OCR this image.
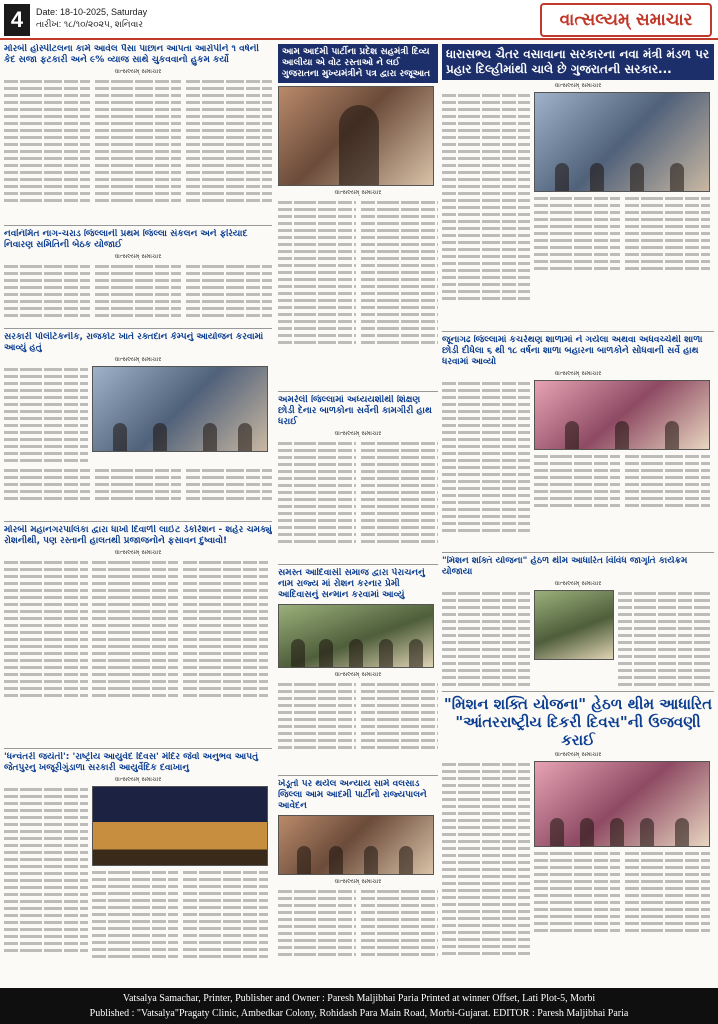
4	Date: 18-10-2025, Saturday
તારીખ: ૧૮/૧૦/૨૦૨૫, શનિવાર	વાત્સલ્યમ્ સમાચાર
મોરબી હોસ્પીટલના કામે આવેલ પૈસા પાછાન આપતા આરોપીને ૧ વર્ષની કેદ સજા ફટકારી અને ૯% વ્યાજ સાથે ચુકવવાનો હુકમ કર્યો
વાત્સલ્યમ્ સમાચાર
નવનિર્મિત નાગ-ચરાડ જિલ્લાની પ્રથમ જિલ્લા સંકલન અને ફરિયાદ નિવારણ સમિતિની બેઠક યોજાઈ
વાત્સલ્યમ્ સમાચાર
સરકારી પોલીટેકનીક, રાજકોટ ખાતે રક્તદાન કેમ્પનું આયોજન કરવામાં આવ્યું હતું
વાત્સલ્યમ્ સમાચાર
મોરબી મહાનગરપાલિકા દ્વારા ધાખો દિવાળી લાઈટ ડેકોરેશન - શહેર ચમક્યું રોશનીથી, પણ રસ્તાની હાલતથી પ્રજાજનોને ફસાવન દુષ્વાવો!
વાત્સલ્યમ્ સમાચાર
'ધન્વંતરી જયંતી': 'રાષ્ટ્રીય આયુર્વેદ દિવસ' મંદિર જેવો અનુભવ આપતું જેતપુરનુ ખજૂરીગુંડાળા સરકારી આયુર્વેદિક દવાખાનુ
વાત્સલ્યમ્ સમાચાર
આમ આદમી પાર્ટીના પ્રદેશ સહમંત્રી દિવ્ય આલીયા એ વોટ રસ્તાઓ ને લઈ ગુજરાતના મુખ્યમંત્રીને પત્ર દ્વારા રજૂઆત
વાત્સલ્યમ્ સમાચાર
અમરેલી જિલ્લામાં અધ્યયશીથી શિક્ષણ છોડી દેનાર બાળકોના સર્વેની કામગીરી હાથ ધરાઈ
વાત્સલ્યમ્ સમાચાર
સમસ્ત આદિવાસી સમાજ દ્વારા પેરાચનનું નામ રાજ્ય માં રોશન કરનાર પ્રેમી આદિવાસનું સન્માન કરવામાં આવ્યું
વાત્સલ્યમ્ સમાચાર
ખેડૂતો પર થયેલ અન્યાય સામે વલસાડ જિલ્લા આમ આદમી પાર્ટીનો રાજ્યપાલને આવેદન
વાત્સલ્યમ્ સમાચાર
ધારાસભ્ય ચૈતર વસાવાના સરકારના નવા મંત્રી મંડળ પર પ્રહાર દિલ્હીમાંથી ચાલે છે ગુજરાતની સરકાર...
વાત્સલ્યમ્ સમાચાર
જૂનાગઢ જિલ્લામાં કચરેથણ શાળામાં ને ગયેલા અથવા અધવચ્ચેથી શાળા છોડી દીધેલા ૬ થી ૧૮ વર્ષના શાળા બહારના બાળકોને સોધવાની સર્વે હાથ ધરવામાં આવ્યો
વાત્સલ્યમ્ સમાચાર
"મિશન શક્તિ યોજના" હેઠળ થીમ આધારિત વિવિધ જાગૃતિ કાર્યક્રમ યોજાયા
વાત્સલ્યમ્ સમાચાર
"મિશન શક્તિ યોજના" હેઠળ થીમ આધારિત "આંતરરાષ્ટ્રીય દિકરી દિવસ"ની ઉજવણી કરાઈ
વાત્સલ્યમ્ સમાચાર
Vatsalya Samachar, Printer, Publisher and Owner : Paresh Maljibhai Paria Printed at winner Offset, Lati Plot-5, Morbi
Published : "Vatsalya"Pragaty Clinic, Ambedkar Colony, Rohidash Para Main Road, Morbi-Gujarat. EDITOR : Paresh Maljibhai Paria
